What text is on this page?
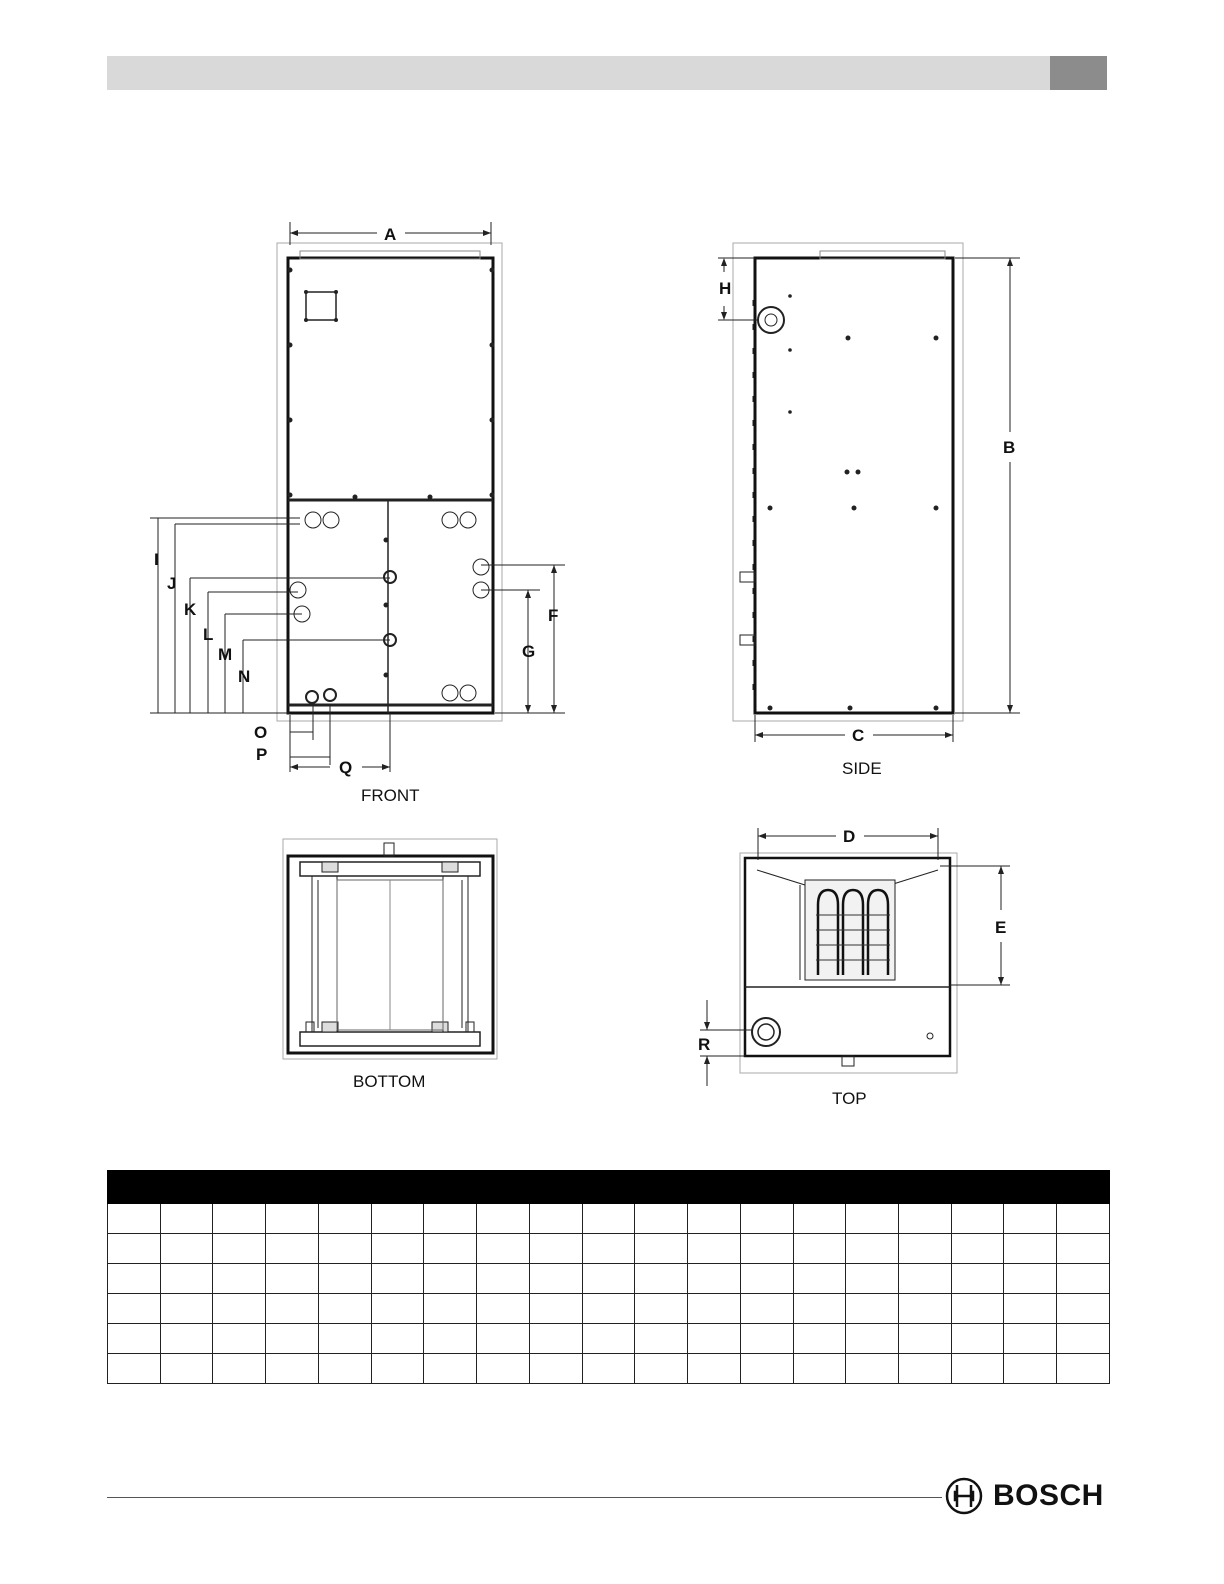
A
B
C
D
E
F
G
H
I
J
K
L
M
N
O
P
Q
R
FRONT
SIDE
BOTTOM
TOP

BOSCH
